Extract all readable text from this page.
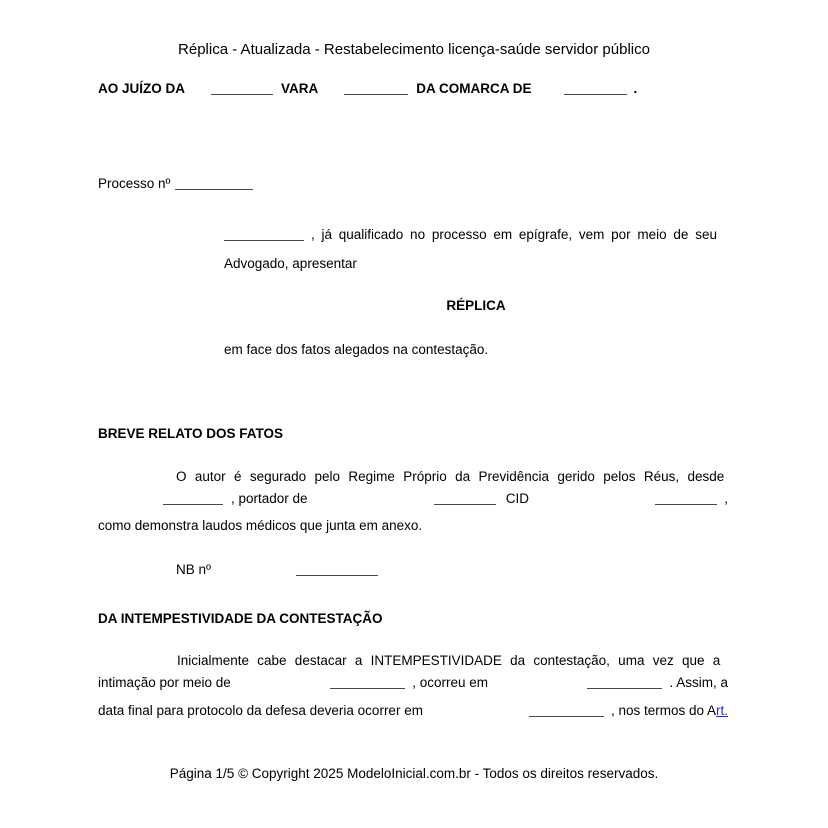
Réplica - Atualizada - Restabelecimento licença-saúde servidor público
AO JUÍZO DA	VARA	DA COMARCA DE	.
Processo nº
, já qualificado no processo em epígrafe, vem por meio de seu
Advogado, apresentar
RÉPLICA
em face dos fatos alegados na contestação.
BREVE RELATO DOS FATOS
O autor é segurado pelo Regime Próprio da Previdência gerido pelos Réus, desde
, portador de	CID	,
como demonstra laudos médicos que junta em anexo.
NB nº
DA INTEMPESTIVIDADE DA CONTESTAÇÃO
Inicialmente cabe destacar a INTEMPESTIVIDADE da contestação, uma vez que a
intimação por meio de	, ocorreu em	. Assim, a
data final para protocolo da defesa deveria ocorrer em	, nos termos do Art.
Página 1/5 © Copyright 2025 ModeloInicial.com.br - Todos os direitos reservados.
